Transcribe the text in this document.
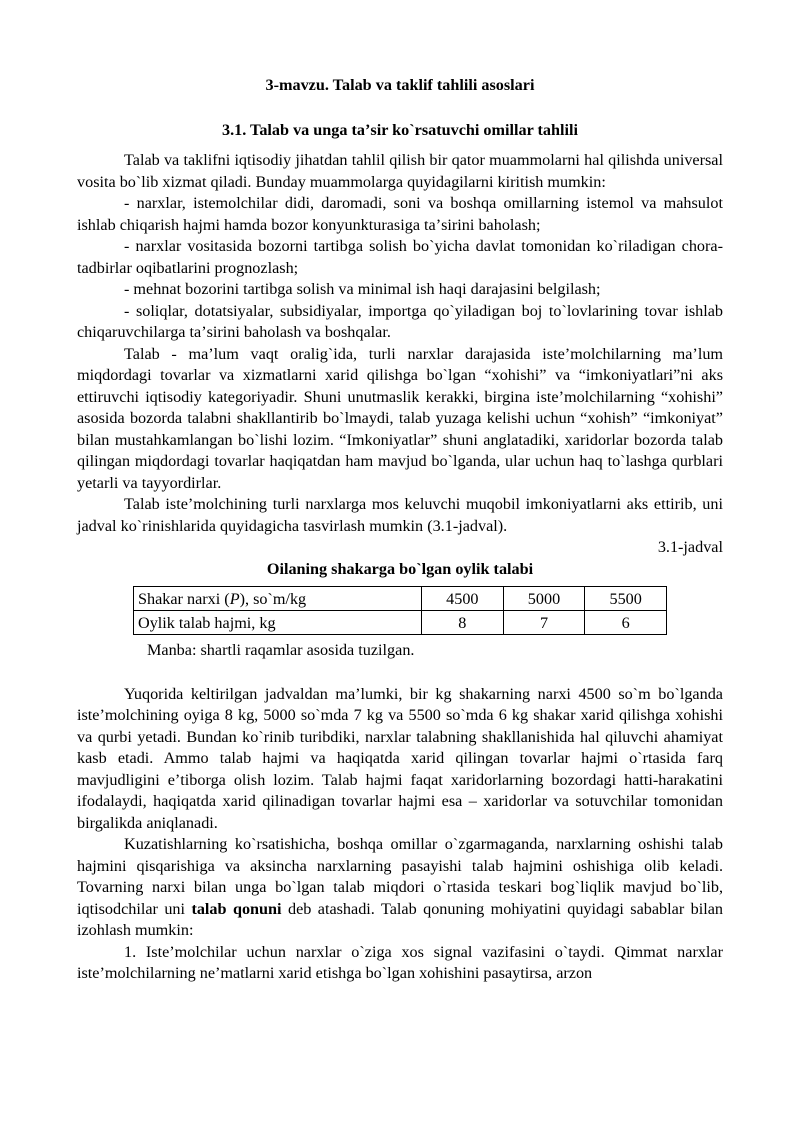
3-mavzu. Talab va taklif tahlili asoslari
3.1. Talab va unga taʼsir ko`rsatuvchi omillar tahlili

Talab va taklifni iqtisodiy jihatdan tahlil qilish bir qator muammolarni hal qilishda universal vosita bo`lib xizmat qiladi. Bunday muammolarga quyidagilarni kiritish mumkin:

- narxlar, istemolchilar didi, daromadi, soni va boshqa omillarning istemol va mahsulot ishlab chiqarish hajmi hamda bozor konyunkturasiga taʼsirini baholash;

- narxlar vositasida bozorni tartibga solish bo`yicha davlat tomonidan ko`riladigan chora-tadbirlar oqibatlarini prognozlash;

- mehnat bozorini tartibga solish va minimal ish haqi darajasini belgilash;

- soliqlar, dotatsiyalar, subsidiyalar, importga qo`yiladigan boj to`lovlarining tovar ishlab chiqaruvchilarga taʼsirini baholash va boshqalar.

Talab - maʼlum vaqt oralig`ida, turli narxlar darajasida isteʼmolchilarning maʼlum miqdordagi tovarlar va xizmatlarni xarid qilishga bo`lgan “xohishi” va “imkoniyatlari”ni aks ettiruvchi iqtisodiy kategoriyadir. Shuni unutmaslik kerakki, birgina isteʼmolchilarning “xohishi” asosida bozorda talabni shakllantirib bo`lmaydi, talab yuzaga kelishi uchun “xohish” “imkoniyat” bilan mustahkamlangan bo`lishi lozim. “Imkoniyatlar” shuni anglatadiki, xaridorlar bozorda talab qilingan miqdordagi tovarlar haqiqatdan ham mavjud bo`lganda, ular uchun haq to`lashga qurblari yetarli va tayyordirlar.

Talab isteʼmolchining turli narxlarga mos keluvchi muqobil imkoniyatlarni aks ettirib, uni jadval ko`rinishlarida quyidagicha tasvirlash mumkin (3.1-jadval).

3.1-jadval
Oilaning shakarga bo`lgan oylik talabi
Shakar narxi (P), so`m/kg	4500	5000	5500
Oylik talab hajmi, kg	8	7	6
Manba: shartli raqamlar asosida tuzilgan.

Yuqorida keltirilgan jadvaldan maʼlumki, bir kg shakarning narxi 4500 so`m bo`lganda isteʼmolchining oyiga 8 kg, 5000 so`mda 7 kg va 5500 so`mda 6 kg shakar xarid qilishga xohishi va qurbi yetadi. Bundan ko`rinib turibdiki, narxlar talabning shakllanishida hal qiluvchi ahamiyat kasb etadi. Ammo talab hajmi va haqiqatda xarid qilingan tovarlar hajmi o`rtasida farq mavjudligini eʼtiborga olish lozim. Talab hajmi faqat xaridorlarning bozordagi hatti-harakatini ifodalaydi, haqiqatda xarid qilinadigan tovarlar hajmi esa – xaridorlar va sotuvchilar tomonidan birgalikda aniqlanadi.

Kuzatishlarning ko`rsatishicha, boshqa omillar o`zgarmaganda, narxlarning oshishi talab hajmini qisqarishiga va aksincha narxlarning pasayishi talab hajmini oshishiga olib keladi. Tovarning narxi bilan unga bo`lgan talab miqdori o`rtasida teskari bog`liqlik mavjud bo`lib, iqtisodchilar uni talab qonuni deb atashadi. Talab qonuning mohiyatini quyidagi sabablar bilan izohlash mumkin:

1. Isteʼmolchilar uchun narxlar o`ziga xos signal vazifasini o`taydi. Qimmat narxlar isteʼmolchilarning neʼmatlarni xarid etishga bo`lgan xohishini pasaytirsa, arzon
